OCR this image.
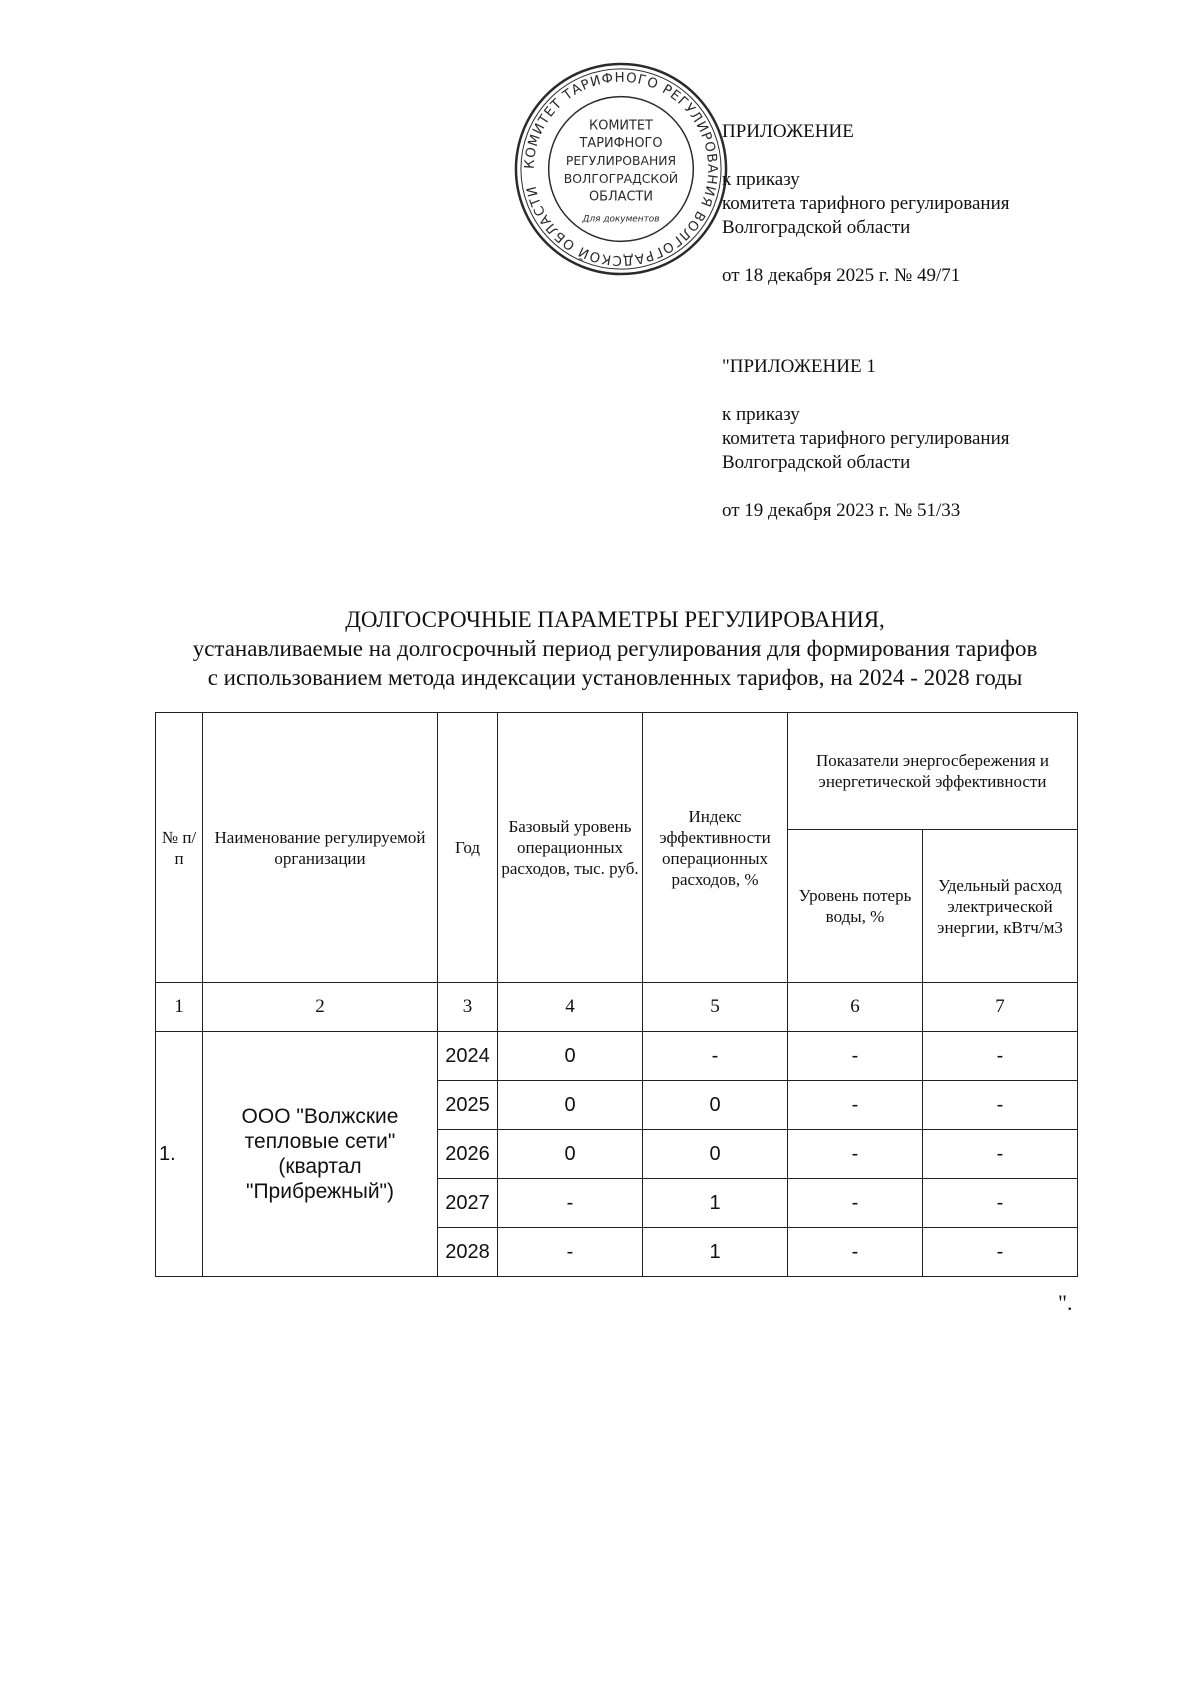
КОМИТЕТ ТАРИФНОГО РЕГУЛИРОВАНИЯ ВОЛГОГРАДСКОЙ ОБЛАСТИ
КОМИТЕТ
ТАРИФНОГО
РЕГУЛИРОВАНИЯ
ВОЛГОГРАДСКОЙ
ОБЛАСТИ
Для документов
ПРИЛОЖЕНИЕ
к приказу
комитета тарифного регулирования
Волгоградской области
от 18 декабря 2025 г. № 49/71
"ПРИЛОЖЕНИЕ 1
к приказу
комитета тарифного регулирования
Волгоградской области
от 19 декабря 2023 г. № 51/33
ДОЛГОСРОЧНЫЕ ПАРАМЕТРЫ РЕГУЛИРОВАНИЯ,
устанавливаемые на долгосрочный период регулирования для формирования тарифов
с использованием метода индексации установленных тарифов, на 2024 - 2028 годы
№ п/п	Наименование регулируемой организации	Год	Базовый уровень операционных расходов, тыс. руб.	Индекс эффективности операционных расходов, %	Показатели энергосбережения и энергетической эффективности	
					Уровень потерь воды, %	Удельный расход электрической энергии, кВтч/м3
1	2	3	4	5	6	7
1.	ООО "Волжские тепловые сети" (квартал "Прибрежный")	2024	0	-	-	-
		2025	0	0	-	-
		2026	0	0	-	-
		2027	-	1	-	-
		2028	-	1	-	-
".
